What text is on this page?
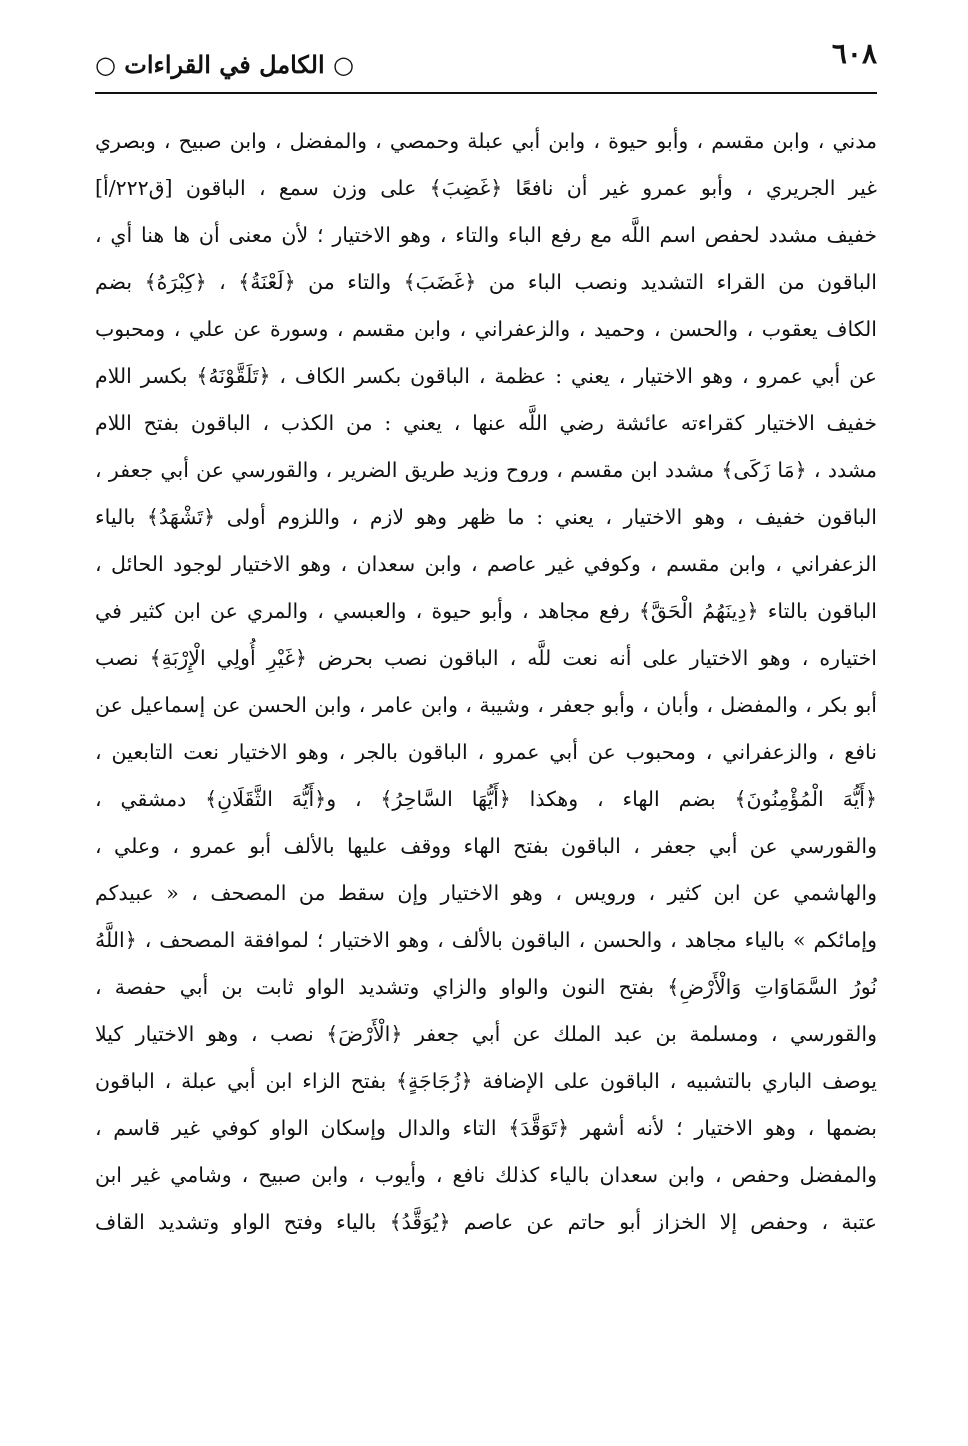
٦٠٨
○ الكامل في القراءات ○
مدني ، وابن مقسم ، وأبو حيوة ، وابن أبي عبلة وحمصي ، والمفضل ، وابن صبيح ، وبصري
غير الجريري ، وأبو عمرو غير أن نافعًا ﴿غَضِبَ﴾ على وزن سمع ، الباقون [ق٢٢٢/أ]
خفيف مشدد لحفص اسم اللَّه مع رفع الباء والتاء ، وهو الاختيار ؛ لأن معنى أن ها هنا أي ،
الباقون من القراء التشديد ونصب الباء من ﴿غَضَبَ﴾ والتاء من ﴿لَعْنَةُ﴾ ، ﴿كِبْرَهُ﴾ بضم
الكاف يعقوب ، والحسن ، وحميد ، والزعفراني ، وابن مقسم ، وسورة عن علي ، ومحبوب
عن أبي عمرو ، وهو الاختيار ، يعني : عظمة ، الباقون بكسر الكاف ، ﴿تَلَقَّوْنَهُ﴾ بكسر اللام
خفيف الاختيار كقراءته عائشة رضي اللَّه عنها ، يعني : من الكذب ، الباقون بفتح اللام
مشدد ، ﴿مَا زَكَى﴾ مشدد ابن مقسم ، وروح وزيد طريق الضرير ، والقورسي عن أبي جعفر ،
الباقون خفيف ، وهو الاختيار ، يعني : ما ظهر وهو لازم ، واللزوم أولى ﴿تَشْهَدُ﴾ بالياء
الزعفراني ، وابن مقسم ، وكوفي غير عاصم ، وابن سعدان ، وهو الاختيار لوجود الحائل ،
الباقون بالتاء ﴿دِينَهُمُ الْحَقَّ﴾ رفع مجاهد ، وأبو حيوة ، والعبسي ، والمري عن ابن كثير في
اختياره ، وهو الاختيار على أنه نعت للَّه ، الباقون نصب بحرض ﴿غَيْرِ أُولِي الْإِرْبَةِ﴾ نصب
أبو بكر ، والمفضل ، وأبان ، وأبو جعفر ، وشيبة ، وابن عامر ، وابن الحسن عن إسماعيل عن
نافع ، والزعفراني ، ومحبوب عن أبي عمرو ، الباقون بالجر ، وهو الاختيار نعت التابعين ،
﴿أَيُّهَ الْمُؤْمِنُونَ﴾ بضم الهاء ، وهكذا ﴿أَيُّهَا السَّاحِرُ﴾ ، و﴿أَيُّهَ الثَّقَلَانِ﴾ دمشقي ،
والقورسي عن أبي جعفر ، الباقون بفتح الهاء ووقف عليها بالألف أبو عمرو ، وعلي ،
والهاشمي عن ابن كثير ، ورويس ، وهو الاختيار وإن سقط من المصحف ، « عبيدكم
وإمائكم » بالياء مجاهد ، والحسن ، الباقون بالألف ، وهو الاختيار ؛ لموافقة المصحف ، ﴿اللَّهُ
نُورُ السَّمَاوَاتِ وَالْأَرْضِ﴾ بفتح النون والواو والزاي وتشديد الواو ثابت بن أبي حفصة ،
والقورسي ، ومسلمة بن عبد الملك عن أبي جعفر ﴿الْأَرْضَ﴾ نصب ، وهو الاختيار كيلا
يوصف الباري بالتشبيه ، الباقون على الإضافة ﴿زُجَاجَةٍ﴾ بفتح الزاء ابن أبي عبلة ، الباقون
بضمها ، وهو الاختيار ؛ لأنه أشهر ﴿تَوَقَّدَ﴾ التاء والدال وإسكان الواو كوفي غير قاسم ،
والمفضل وحفص ، وابن سعدان بالياء كذلك نافع ، وأيوب ، وابن صبيح ، وشامي غير ابن
عتبة ، وحفص إلا الخزاز أبو حاتم عن عاصم ﴿يُوَقَّدُ﴾ بالياء وفتح الواو وتشديد القاف
